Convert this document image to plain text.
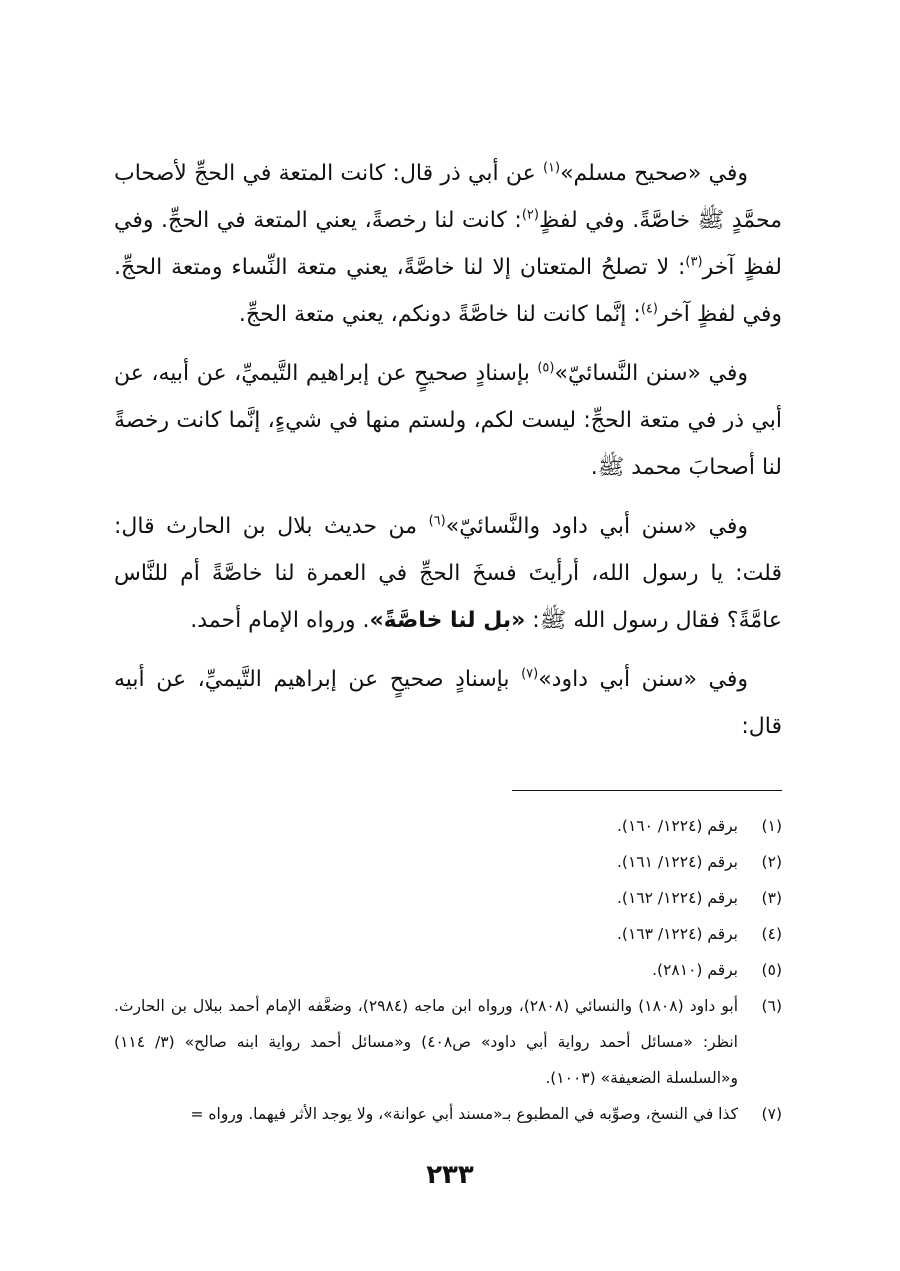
وفي «صحيح مسلم»$^{(١)}$ عن أبي ذر قال: كانت المتعة في الحجِّ لأصحاب محمَّدٍ ﷺ خاصَّةً. وفي لفظٍ$^{(٢)}$: كانت لنا رخصةً، يعني المتعة في الحجِّ. وفي لفظٍ آخر$^{(٣)}$: لا تصلحُ المتعتان إلا لنا خاصَّةً، يعني متعة النِّساء ومتعة الحجِّ. وفي لفظٍ آخر$^{(٤)}$: إنَّما كانت لنا خاصَّةً دونكم، يعني متعة الحجِّ.

وفي «سنن النَّسائيّ»$^{(٥)}$ بإسنادٍ صحيحٍ عن إبراهيم التَّيميِّ، عن أبيه، عن أبي ذر في متعة الحجِّ: ليست لكم، ولستم منها في شيءٍ، إنَّما كانت رخصةً لنا أصحابَ محمد ﷺ.

وفي «سنن أبي داود والنَّسائيّ»$^{(٦)}$ من حديث بلال بن الحارث قال: قلت: يا رسول الله، أرأيتَ فسخَ الحجِّ في العمرة لنا خاصَّةً أم للنَّاس عامَّةً؟ فقال رسول الله ﷺ: «بل لنا خاصَّةً». ورواه الإمام أحمد.

وفي «سنن أبي داود»$^{(٧)}$ بإسنادٍ صحيحٍ عن إبراهيم التَّيميِّ، عن أبيه قال:

(١)
برقم (١٢٢٤/ ١٦٠).
(٢)
برقم (١٢٢٤/ ١٦١).
(٣)
برقم (١٢٢٤/ ١٦٢).
(٤)
برقم (١٢٢٤/ ١٦٣).
(٥)
برقم (٢٨١٠).
(٦)
أبو داود (١٨٠٨) والنسائي (٢٨٠٨)، ورواه ابن ماجه (٢٩٨٤)، وضعَّفه الإمام أحمد ببلال بن الحارث. انظر: «مسائل أحمد رواية أبي داود» ص٤٠٨) و«مسائل أحمد رواية ابنه صالح» (٣/ ١١٤) و«السلسلة الضعيفة» (١٠٠٣).
(٧)
كذا في النسخ، وصوِّبه في المطبوع بـ«مسند أبي عوانة»، ولا يوجد الأثر فيهما. ورواه =
٢٣٣
